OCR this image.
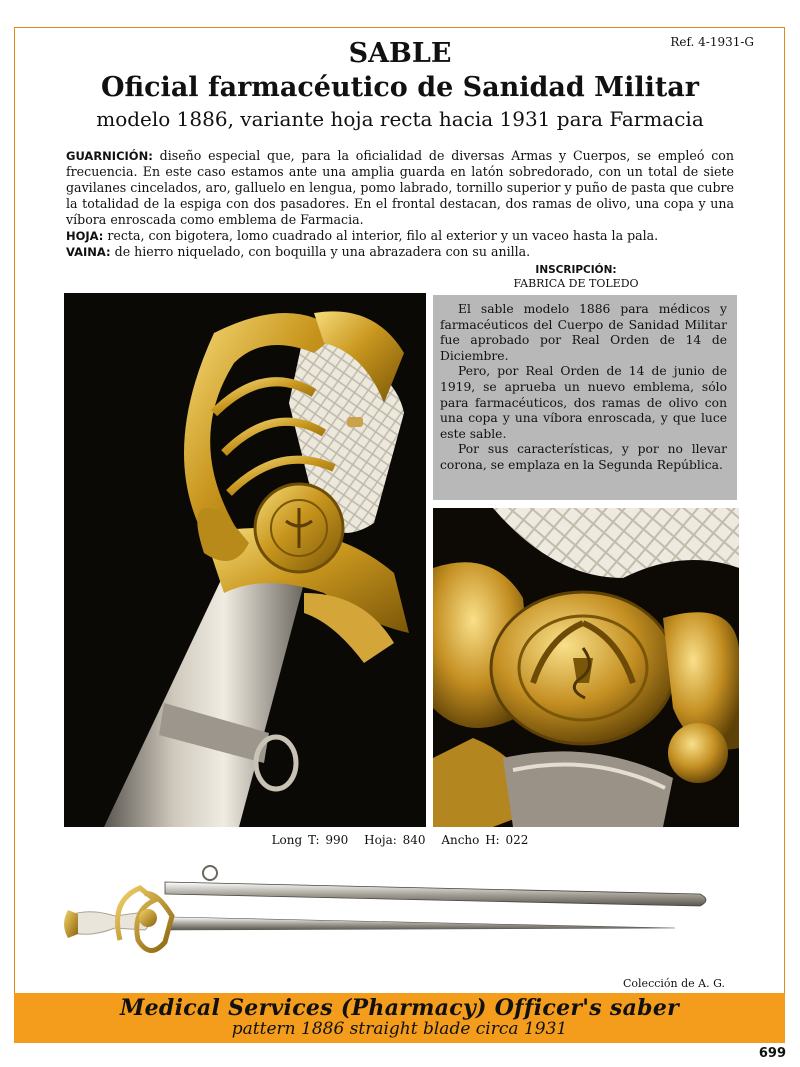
Ref. 4-1931-G
SABLE
Oficial farmacéutico de Sanidad Militar
modelo 1886, variante hoja recta hacia 1931 para Farmacia

GUARNICIÓN: diseño especial que, para la oficialidad de diversas Armas y Cuerpos, se empleó con frecuencia. En este caso estamos ante una amplia guarda en latón sobredorado, con un total de siete gavilanes cincelados, aro, galluelo en lengua, pomo labrado, tornillo superior y puño de pasta que cubre la totalidad de la espiga con dos pasadores. En el frontal destacan, dos ramas de olivo, una copa y una víbora enroscada como emblema de Farmacia.

HOJA: recta, con bigotera, lomo cuadrado al interior, filo al exterior y un vaceo hasta la pala.

VAINA: de hierro niquelado, con boquilla y una abrazadera con su anilla.

INSCRIPCIÓN:
FABRICA DE TOLEDO

El sable modelo 1886 para médicos y farmacéuticos del Cuerpo de Sanidad Militar fue aprobado por Real Orden de 14 de Diciembre.

Pero, por Real Orden de 14 de junio de 1919, se aprueba un nuevo emblema, sólo para farmacéuticos, dos ramas de olivo con una copa y una víbora enroscada, y que luce este sable.

Por sus características, y por no llevar corona, se emplaza en la Segunda República.

Long T: 990 Hoja: 840 Ancho H: 022
Colección de A. G.
Medical Services (Pharmacy) Officer's saber
pattern 1886 straight blade circa 1931
699
